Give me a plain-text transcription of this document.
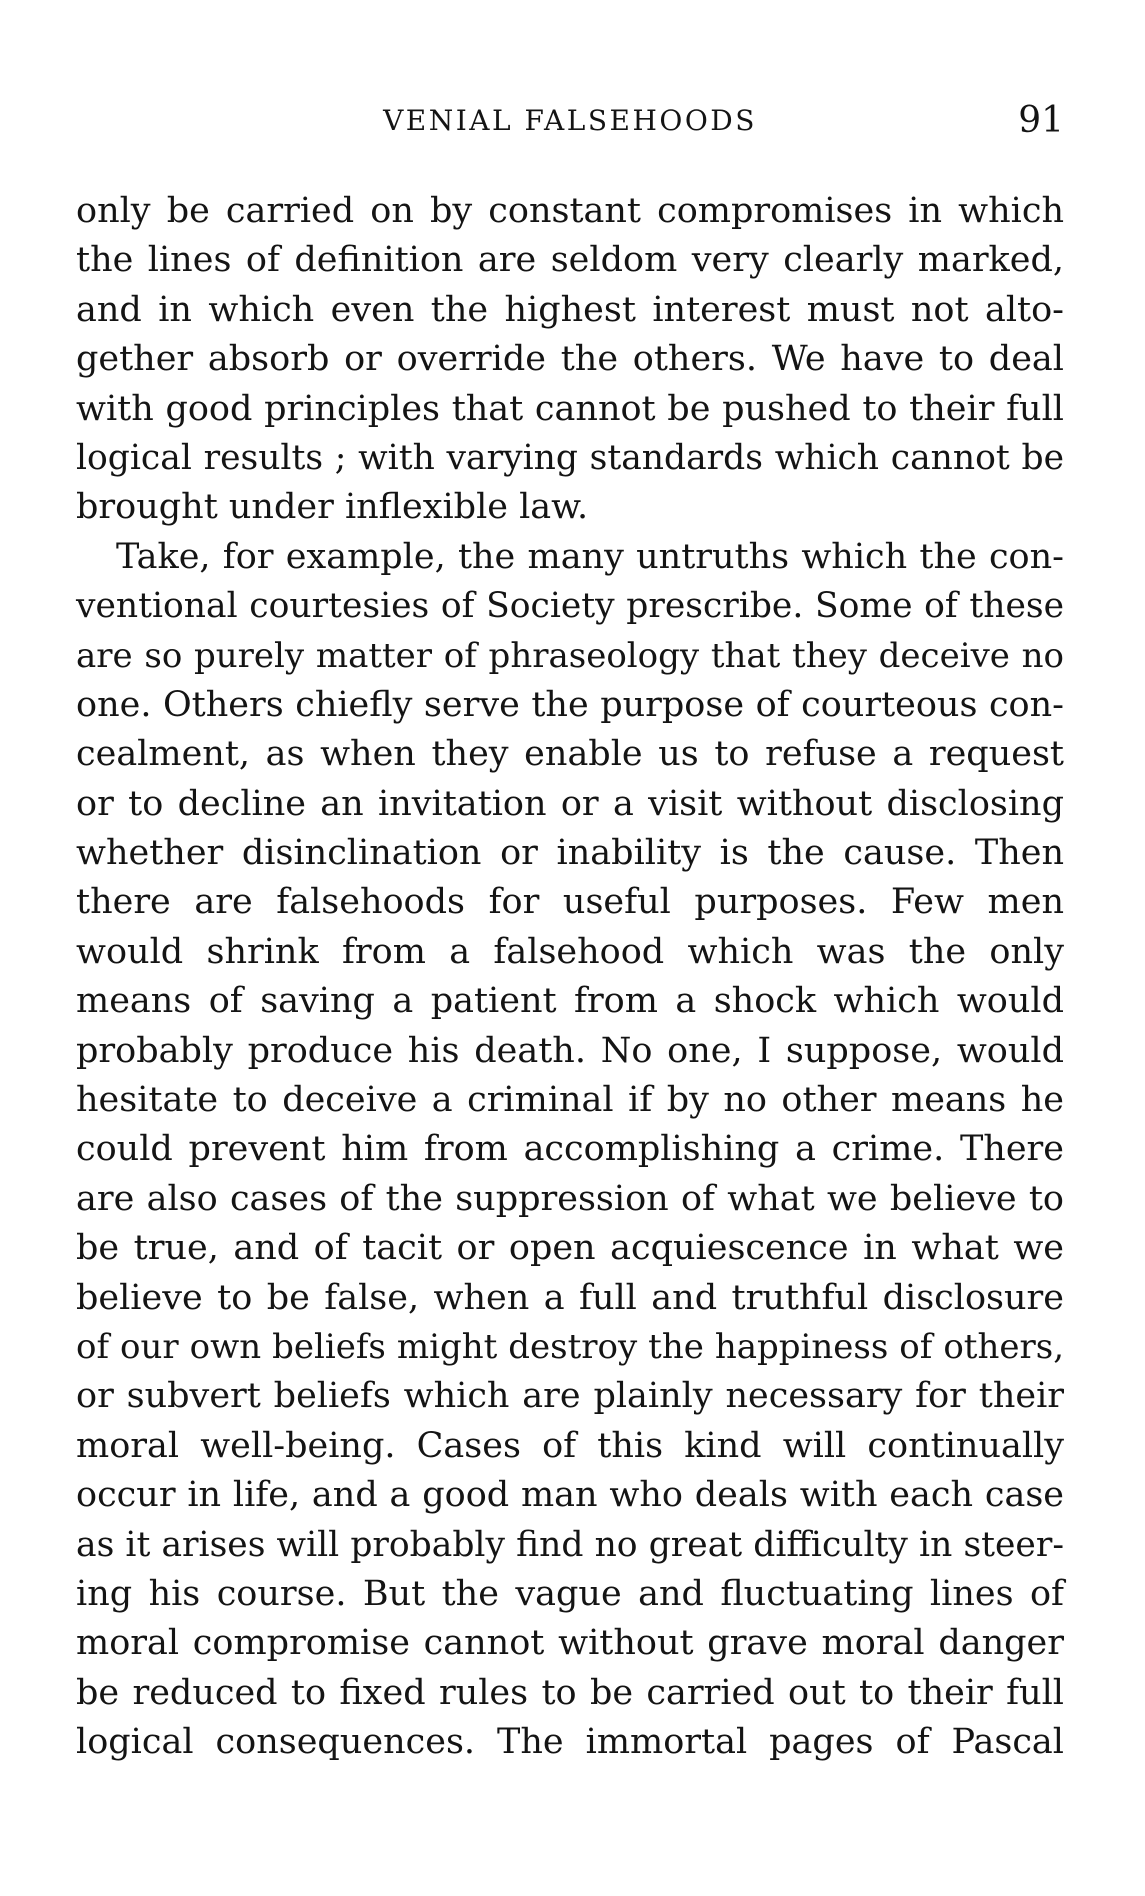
VENIAL FALSEHOODS	91
only be carried on by constant compromises in which
the lines of definition are seldom very clearly marked,
and in which even the highest interest must not alto-
gether absorb or override the others. We have to deal
with good principles that cannot be pushed to their full
logical results ; with varying standards which cannot be
brought under inflexible law.
Take, for example, the many untruths which the con-
ventional courtesies of Society prescribe. Some of these
are so purely matter of phraseology that they deceive no
one. Others chiefly serve the purpose of courteous con-
cealment, as when they enable us to refuse a request
or to decline an invitation or a visit without disclosing
whether disinclination or inability is the cause. Then
there are falsehoods for useful purposes. Few men
would shrink from a falsehood which was the only
means of saving a patient from a shock which would
probably produce his death. No one, I suppose, would
hesitate to deceive a criminal if by no other means he
could prevent him from accomplishing a crime. There
are also cases of the suppression of what we believe to
be true, and of tacit or open acquiescence in what we
believe to be false, when a full and truthful disclosure
of our own beliefs might destroy the happiness of others,
or subvert beliefs which are plainly necessary for their
moral well-being. Cases of this kind will continually
occur in life, and a good man who deals with each case
as it arises will probably find no great difficulty in steer-
ing his course. But the vague and fluctuating lines of
moral compromise cannot without grave moral danger
be reduced to fixed rules to be carried out to their full
logical consequences. The immortal pages of Pascal
